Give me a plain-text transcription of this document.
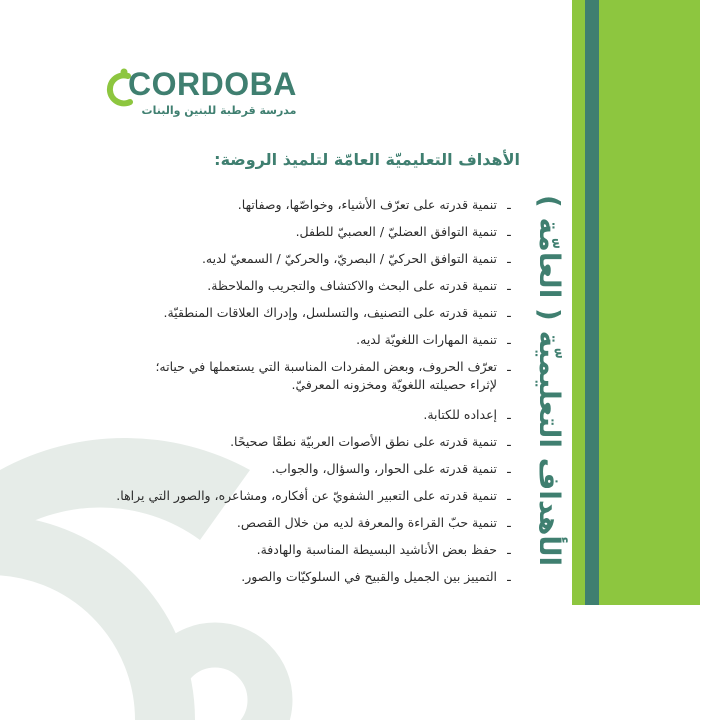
الأهداف التعليميّة ( العامّة )
CORDOBA
مدرسة قرطبة للبنين والبنات
الأهداف التعليميّة العامّة لتلميذ الروضة:
ـ
تنمية قدرته على تعرّف الأشياء، وخواصّها، وصفاتها.
ـ
تنمية التوافق العضليّ / العصبيّ للطفل.
ـ
تنمية التوافق الحركيّ / البصريّ، والحركيّ / السمعيّ لديه.
ـ
تنمية قدرته على البحث والاكتشاف والتجريب والملاحظة.
ـ
تنمية قدرته على التصنيف، والتسلسل، وإدراك العلاقات المنطقيّة.
ـ
تنمية المهارات اللغويّة لديه.
ـ
تعرّف الحروف، وبعض المفردات المناسبة التي يستعملها في حياته؛ لإثراء حصيلته اللغويّة ومخزونه المعرفيّ.
ـ
إعداده للكتابة.
ـ
تنمية قدرته على نطق الأصوات العربيّة نطقًا صحيحًا.
ـ
تنمية قدرته على الحوار، والسؤال، والجواب.
ـ
تنمية قدرته على التعبير الشفويّ عن أفكاره، ومشاعره، والصور التي يراها.
ـ
تنمية حبّ القراءة والمعرفة لديه من خلال القصص.
ـ
حفظ بعض الأناشيد البسيطة المناسبة والهادفة.
ـ
التمييز بين الجميل والقبيح في السلوكيّات والصور.
